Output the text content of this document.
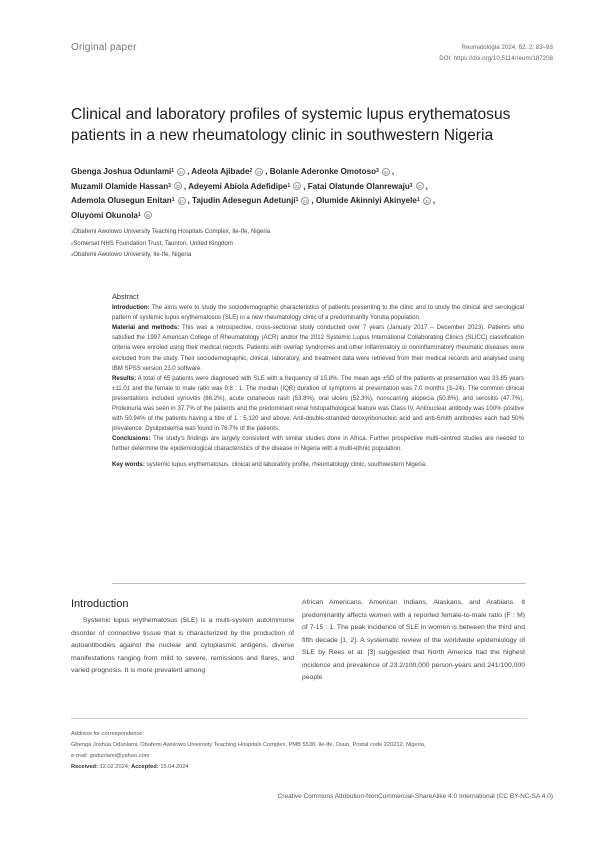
Original paper	Reumatologia 2024; 62, 2: 83–93
DOI: https://doi.org/10.5114/reum/187208
Clinical and laboratory profiles of systemic lupus erythematosus patients in a new rheumatology clinic in southwestern Nigeria
Gbenga Joshua Odunlami$^1$ iD , Adeola Ajibade$^2$ iD , Bolanle Aderonke Omotoso$^3$ iD ,
Muzamil Olamide Hassan$^3$ iD , Adeyemi Abiola Adefidipe$^1$ iD , Fatai Olatunde Olanrewaju$^3$ iD ,
Ademola Olusegun Enitan$^1$ iD , Tajudin Adesegun Adetunji$^1$ iD , Olumide Akinniyi Akinyele$^1$ iD ,
Oluyomi Okunola$^1$ iD
$^1$Obafemi Awolowo University Teaching Hospitals Complex, Ile-Ife, Nigeria
$^2$Somerset NHS Foundation Trust, Taunton, United Kingdom
$^3$Obafemi Awolowo University, Ile-Ife, Nigeria
Abstract

Introduction: The aims were to study the sociodemographic characteristics of patients presenting to the clinic and to study the clinical and serological pattern of systemic lupus erythematosus (SLE) in a new rheumatology clinic of a predominantly Yoruba population.

Material and methods: This was a retrospective, cross-sectional study conducted over 7 years (January 2017 – December 2023). Patients who satisfied the 1997 American College of Rheumatology (ACR) and/or the 2012 Systemic Lupus International Collaborating Clinics (SLICC) classification criteria were enroled using their medical records. Patients with overlap syndromes and other inflammatory or noninflammatory rheumatic diseases were excluded from the study. Their sociodemographic, clinical, laboratory, and treatment data were retrieved from their medical records and analysed using IBM SPSS version 23.0 software.

Results: A total of 65 patients were diagnosed with SLE with a frequency of 15.8%. The mean age ±SD of the patients at presentation was 33.85 years ±11.01 and the female to male ratio was 9.8 : 1. The median (IQR) duration of symptoms at presentation was 7.0 months (3–24). The common clinical presentations included synovitis (86.2%), acute cutaneous rash (53.8%), oral ulcers (52.3%), nonscarring alopecia (50.8%), and serositis (47.7%). Proteinuria was seen in 37.7% of the patients and the predominant renal histopathological feature was Class IV. Antinuclear antibody was 100% positive with 50.94% of the patients having a titre of 1 : 5,120 and above. Anti-double-stranded deoxyribonucleic acid and anti-Smith antibodies each had 50% prevalence. Dyslipidaemia was found in 76.7% of the patients.

Conclusions: The study's findings are largely consistent with similar studies done in Africa. Further prospective multi-centred studies are needed to further determine the epidemiological characteristics of the disease in Nigeria with a multi-ethnic population.

Key words: systemic lupus erythematosus, clinical and laboratory profile, rheumatology clinic, southwestern Nigeria.

Introduction

Systemic lupus erythematosus (SLE) is a multi-system autoimmune disorder of connective tissue that is characterized by the production of autoantibodies against the nuclear and cytoplasmic antigens, diverse manifestations ranging from mild to severe, remissions and flares, and varied prognosis. It is more prevalent among

African Americans, American Indians, Alaskans, and Arabians. It predominantly affects women with a reported female-to-male ratio (F : M) of 7-15 : 1. The peak incidence of SLE in women is between the third and fifth decade [1, 2]. A systematic review of the worldwide epidemiology of SLE by Rees et al. [3] suggested that North America had the highest incidence and prevalence of 23.2/100,000 person-years and 241/100,000 people

Address for correspondence:
Gbenga Joshua Odunlami, Obafemi Awolowo University Teaching Hospitals Complex, PMB 5538, Ile-Ife, Osun, Postal code 220212, Nigeria,
e-mail: godunlami@yahoo.com
Received: 12.02.2024; Accepted: 15.04.2024
Creative Commons Attribution-NonCommercial-ShareAlike 4.0 International (CC BY-NC-SA 4.0)
